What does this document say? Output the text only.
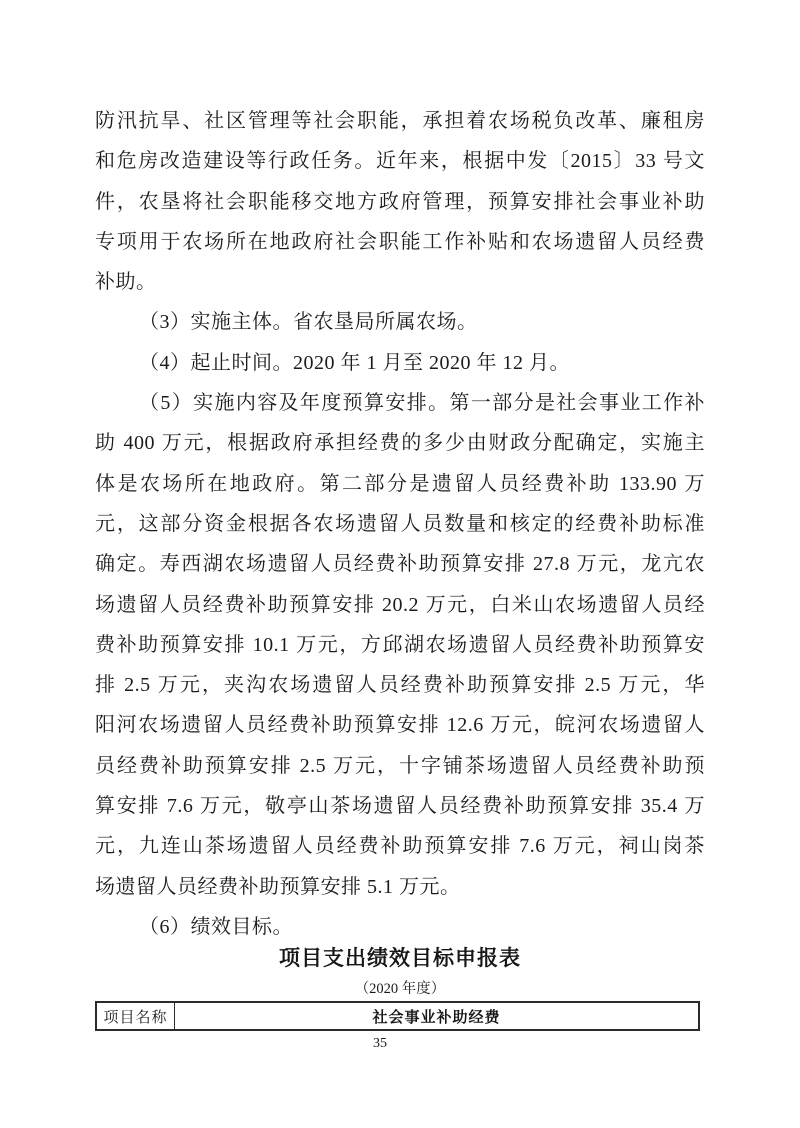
防汛抗旱、社区管理等社会职能，承担着农场税负改革、廉租房
和危房改造建设等行政任务。近年来，根据中发〔2015〕33 号文
件，农垦将社会职能移交地方政府管理，预算安排社会事业补助
专项用于农场所在地政府社会职能工作补贴和农场遗留人员经费
补助。
（3）实施主体。省农垦局所属农场。
（4）起止时间。2020 年 1 月至 2020 年 12 月。
（5）实施内容及年度预算安排。第一部分是社会事业工作补
助 400 万元，根据政府承担经费的多少由财政分配确定，实施主
体是农场所在地政府。第二部分是遗留人员经费补助 133.90 万
元，这部分资金根据各农场遗留人员数量和核定的经费补助标准
确定。寿西湖农场遗留人员经费补助预算安排 27.8 万元，龙亢农
场遗留人员经费补助预算安排 20.2 万元，白米山农场遗留人员经
费补助预算安排 10.1 万元，方邱湖农场遗留人员经费补助预算安
排 2.5 万元，夹沟农场遗留人员经费补助预算安排 2.5 万元，华
阳河农场遗留人员经费补助预算安排 12.6 万元，皖河农场遗留人
员经费补助预算安排 2.5 万元，十字铺茶场遗留人员经费补助预
算安排 7.6 万元，敬亭山茶场遗留人员经费补助预算安排 35.4 万
元，九连山茶场遗留人员经费补助预算安排 7.6 万元，祠山岗茶
场遗留人员经费补助预算安排 5.1 万元。
（6）绩效目标。
项目支出绩效目标申报表
（2020 年度）
项目名称	社会事业补助经费
35
